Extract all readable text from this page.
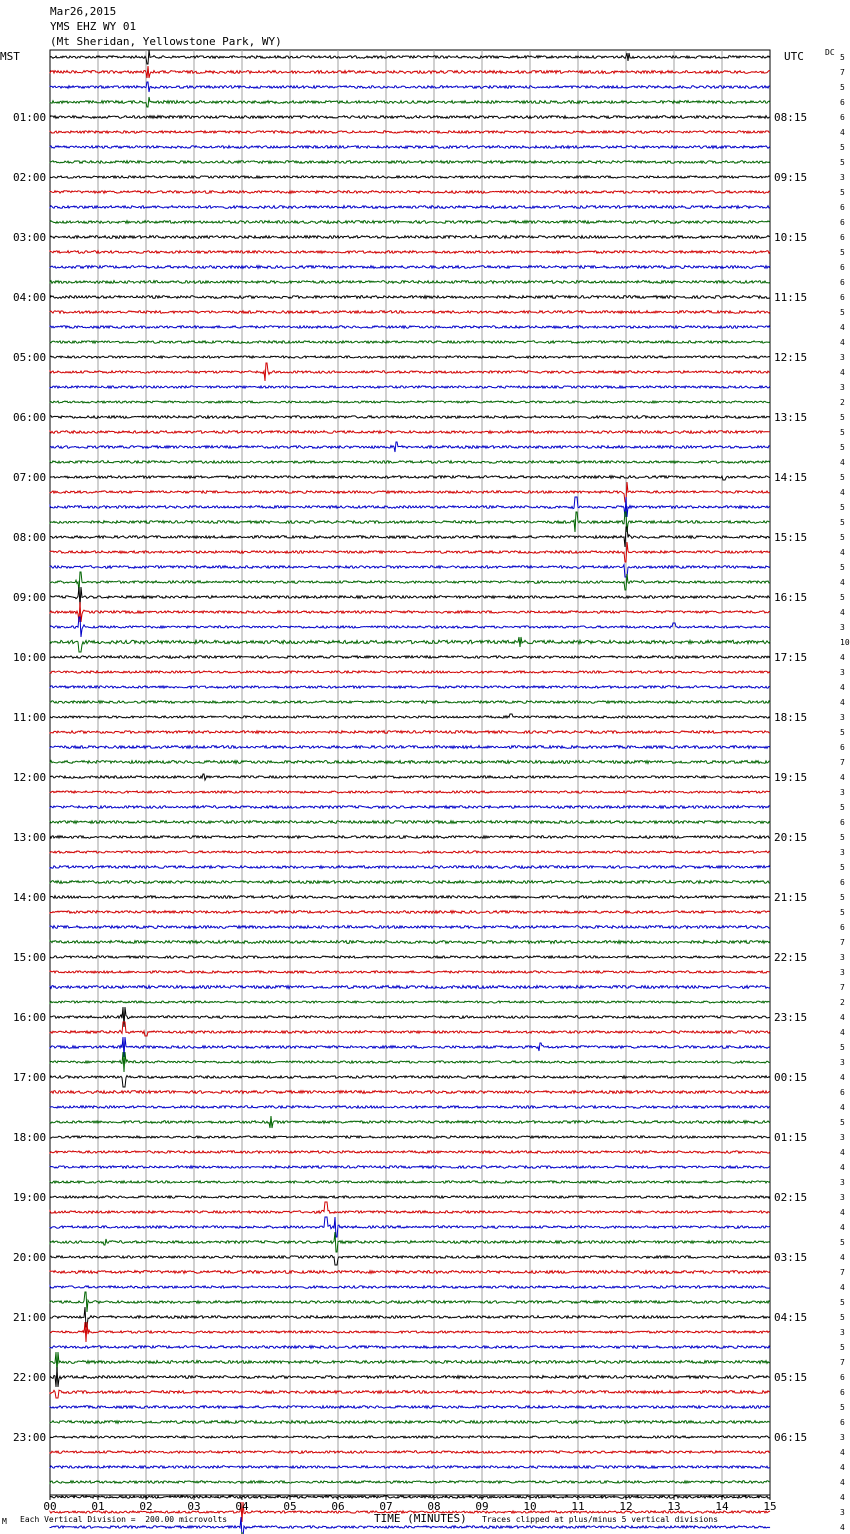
Mar26,2015
YMS EHZ WY 01
(Mt Sheridan, Yellowstone Park, WY)
MST	UTC	DC
5
7
5
6
6
4
5
5
3
5
6
6
6
5
6
6
6
5
4
4
3
4
3
2
5
5
5
4
5
4
5
5
5
4
5
4
5
4
3
10
4
3
4
4
3
5
6
7
4
3
5
6
5
3
5
6
5
5
6
7
3
3
7
2
4
4
5
3
4
6
4
5
3
4
4
3
3
4
4
5
4
7
4
5
5
3
5
7
6
6
5
6
3
4
4
4
4
3
4
01:00	08:15
02:00	09:15
03:00	10:15
04:00	11:15
05:00	12:15
06:00	13:15
07:00	14:15
08:00	15:15
09:00	16:15
10:00	17:15
11:00	18:15
12:00	19:15
13:00	20:15
14:00	21:15
15:00	22:15
16:00	23:15
17:00	00:15
18:00	01:15
19:00	02:15
20:00	03:15
21:00	04:15
22:00	05:15
23:00	06:15
00	01	02	03	04	05	06	07	08	09	10	11	12	13	14	15
M Each Vertical Division =  200.00 microvolts	TIME (MINUTES) Traces clipped at plus/minus 5 vertical divisions
